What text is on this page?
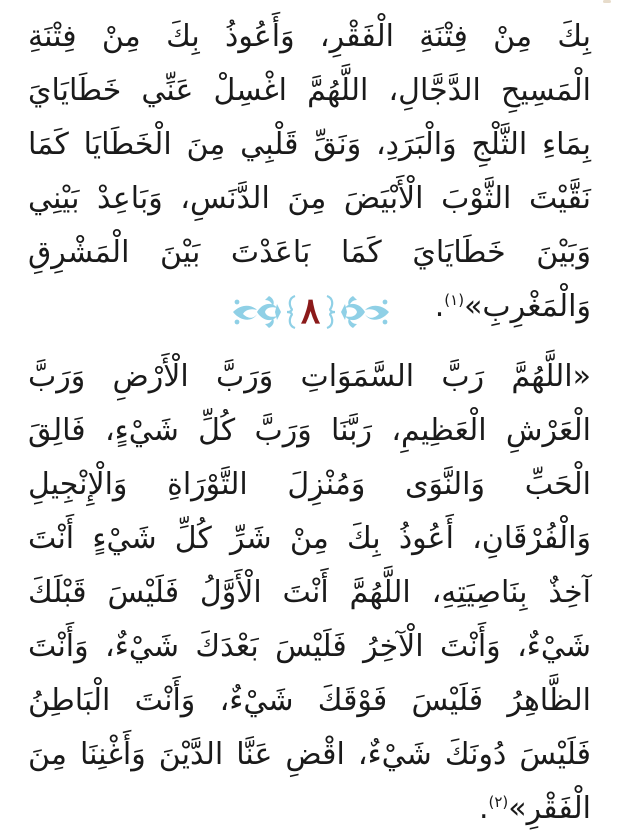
بِكَ مِنْ فِتْنَةِ الْفَقْرِ، وَأَعُوذُ بِكَ مِنْ فِتْنَةِ الْمَسِيحِ الدَّجَّالِ، اللَّهُمَّ اغْسِلْ عَنِّي خَطَايَايَ بِمَاءِ الثَّلْجِ وَالْبَرَدِ، وَنَقِّ قَلْبِي مِنَ الْخَطَايَا كَمَا نَقَّيْتَ الثَّوْبَ الْأَبْيَضَ مِنَ الدَّنَسِ، وَبَاعِدْ بَيْنِي وَبَيْنَ خَطَايَايَ كَمَا بَاعَدْتَ بَيْنَ الْمَشْرِقِ وَالْمَغْرِبِ»$^{(١)}$.

٨

«اللَّهُمَّ رَبَّ السَّمَوَاتِ وَرَبَّ الْأَرْضِ وَرَبَّ الْعَرْشِ الْعَظِيمِ، رَبَّنَا وَرَبَّ كُلِّ شَيْءٍ، فَالِقَ الْحَبِّ وَالنَّوَى وَمُنْزِلَ التَّوْرَاةِ وَالْإِنْجِيلِ وَالْفُرْقَانِ، أَعُوذُ بِكَ مِنْ شَرِّ كُلِّ شَيْءٍ أَنْتَ آخِذٌ بِنَاصِيَتِهِ، اللَّهُمَّ أَنْتَ الْأَوَّلُ فَلَيْسَ قَبْلَكَ شَيْءٌ، وَأَنْتَ الْآخِرُ فَلَيْسَ بَعْدَكَ شَيْءٌ، وَأَنْتَ الظَّاهِرُ فَلَيْسَ فَوْقَكَ شَيْءٌ، وَأَنْتَ الْبَاطِنُ فَلَيْسَ دُونَكَ شَيْءٌ، اقْضِ عَنَّا الدَّيْنَ وَأَغْنِنَا مِنَ الْفَقْرِ»$^{(٢)}$.
